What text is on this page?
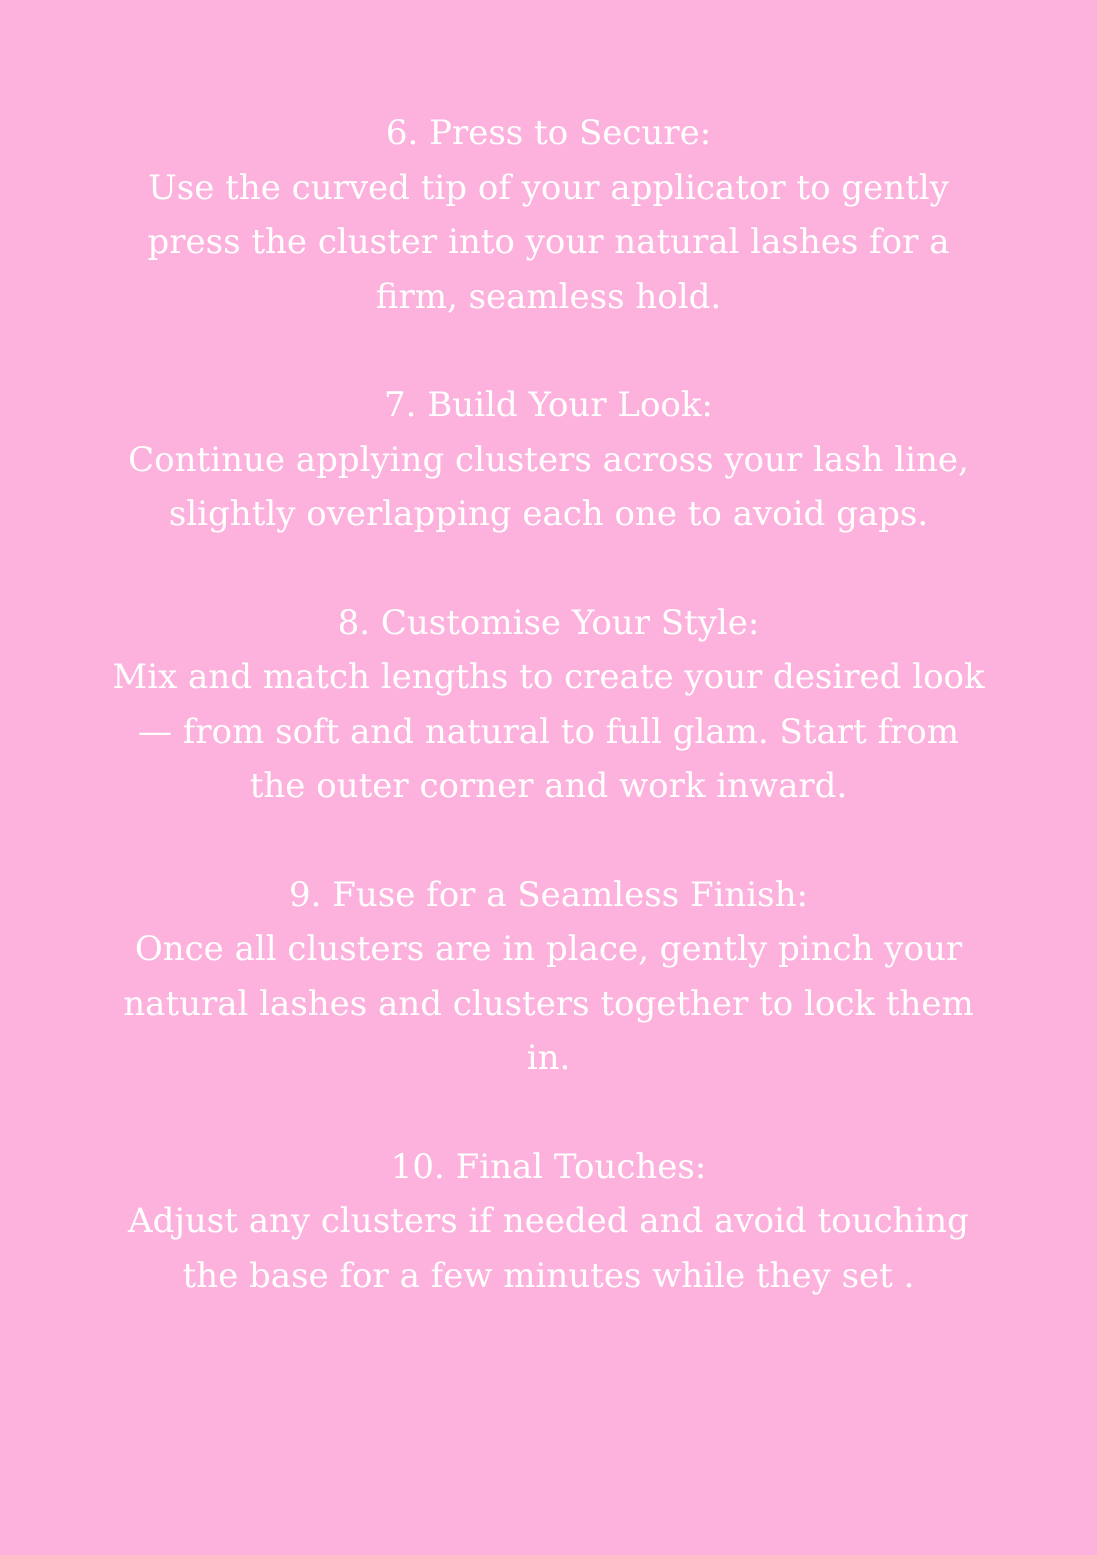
6. Press to Secure:
Use the curved tip of your applicator to gently
press the cluster into your natural lashes for a
firm, seamless hold.
7. Build Your Look:
Continue applying clusters across your lash line,
slightly overlapping each one to avoid gaps.
8. Customise Your Style:
Mix and match lengths to create your desired look
— from soft and natural to full glam. Start from
the outer corner and work inward.
9. Fuse for a Seamless Finish:
Once all clusters are in place, gently pinch your
natural lashes and clusters together to lock them
in.
10. Final Touches:
Adjust any clusters if needed and avoid touching
the base for a few minutes while they set .
